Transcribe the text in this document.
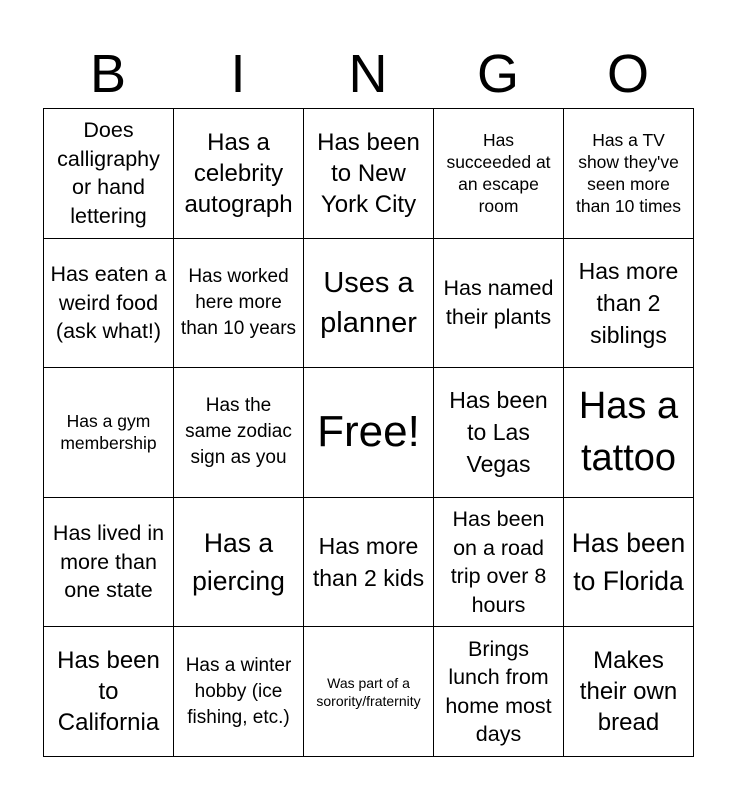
B	I	N	G	O
Does calligraphy or hand lettering
Has a celebrity autograph
Has been to New York City
Has succeeded at an escape room
Has a TV show they've seen more than 10 times
Has eaten a weird food (ask what!)
Has worked here more than 10 years
Uses a planner
Has named their plants
Has more than 2 siblings
Has a gym membership
Has the same zodiac sign as you
Free!
Has been to Las Vegas
Has a tattoo
Has lived in more than one state
Has a piercing
Has more than 2 kids
Has been on a road trip over 8 hours
Has been to Florida
Has been to California
Has a winter hobby (ice fishing, etc.)
Was part of a sorority/fraternity
Brings lunch from home most days
Makes their own bread
